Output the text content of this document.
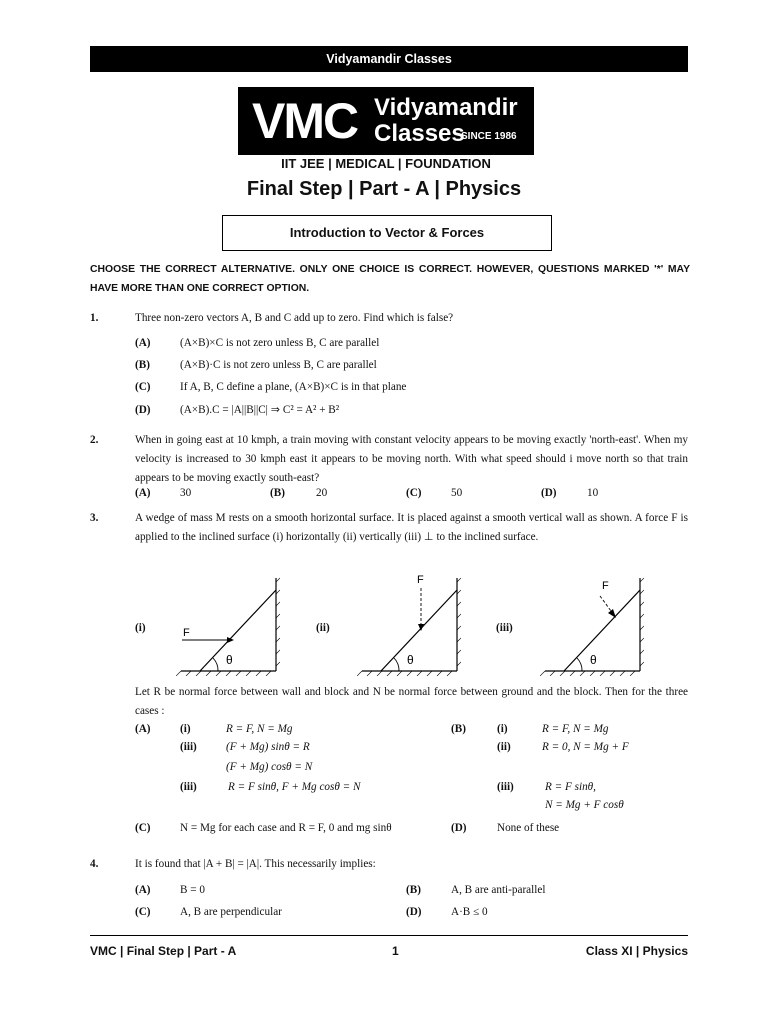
Vidyamandir Classes
VMC Vidyamandir
Classes
SINCE 1986
IIT JEE | MEDICAL | FOUNDATION
Final Step | Part - A | Physics
Introduction to Vector & Forces
CHOOSE THE CORRECT ALTERNATIVE. ONLY ONE CHOICE IS CORRECT. HOWEVER, QUESTIONS MARKED '*' MAY HAVE MORE THAN ONE CORRECT OPTION.
1.	Three non-zero vectors A, B and C add up to zero. Find which is false?
(A)	(A×B)×C is not zero unless B, C are parallel
(B)	(A×B)·C is not zero unless B, C are parallel
(C)	If A, B, C define a plane, (A×B)×C is in that plane
(D)	(A×B).C = |A||B||C| ⇒ C² = A² + B²
2.	When in going east at 10 kmph, a train moving with constant velocity appears to be moving exactly 'north-east'. When my velocity is increased to 30 kmph east it appears to be moving north. With what speed should i move north so that train appears to be moving exactly south-east?
(A)	30	(B)	20	(C)	50	(D)	10
3.	A wedge of mass M rests on a smooth horizontal surface. It is placed against a smooth vertical wall as shown. A force F is applied to the inclined surface (i) horizontally (ii) vertically (iii) ⊥ to the inclined surface.
(i)	F
θ
(ii)
F
θ
(iii)
F
θ
Let R be normal force between wall and block and N be normal force between ground and the block. Then for the three cases :
(A)	(i)	R = F, N = Mg
(iii)	(F + Mg) sinθ = R
(F + Mg) cosθ = N
(iii)	R = F sinθ, F + Mg cosθ = N
(B)	(i)	R = F, N = Mg
(ii)	R = 0, N = Mg + F
(iii)	R = F sinθ,
N = Mg + F cosθ
(C)	N = Mg for each case and R = F, 0 and mg sinθ	(D)	None of these
4.	It is found that |A + B| = |A|. This necessarily implies:
(A)	B = 0	(B)	A, B are anti-parallel
(C)	A, B are perpendicular	(D)	A·B ≤ 0
VMC | Final Step | Part - A	1	Class XI | Physics
